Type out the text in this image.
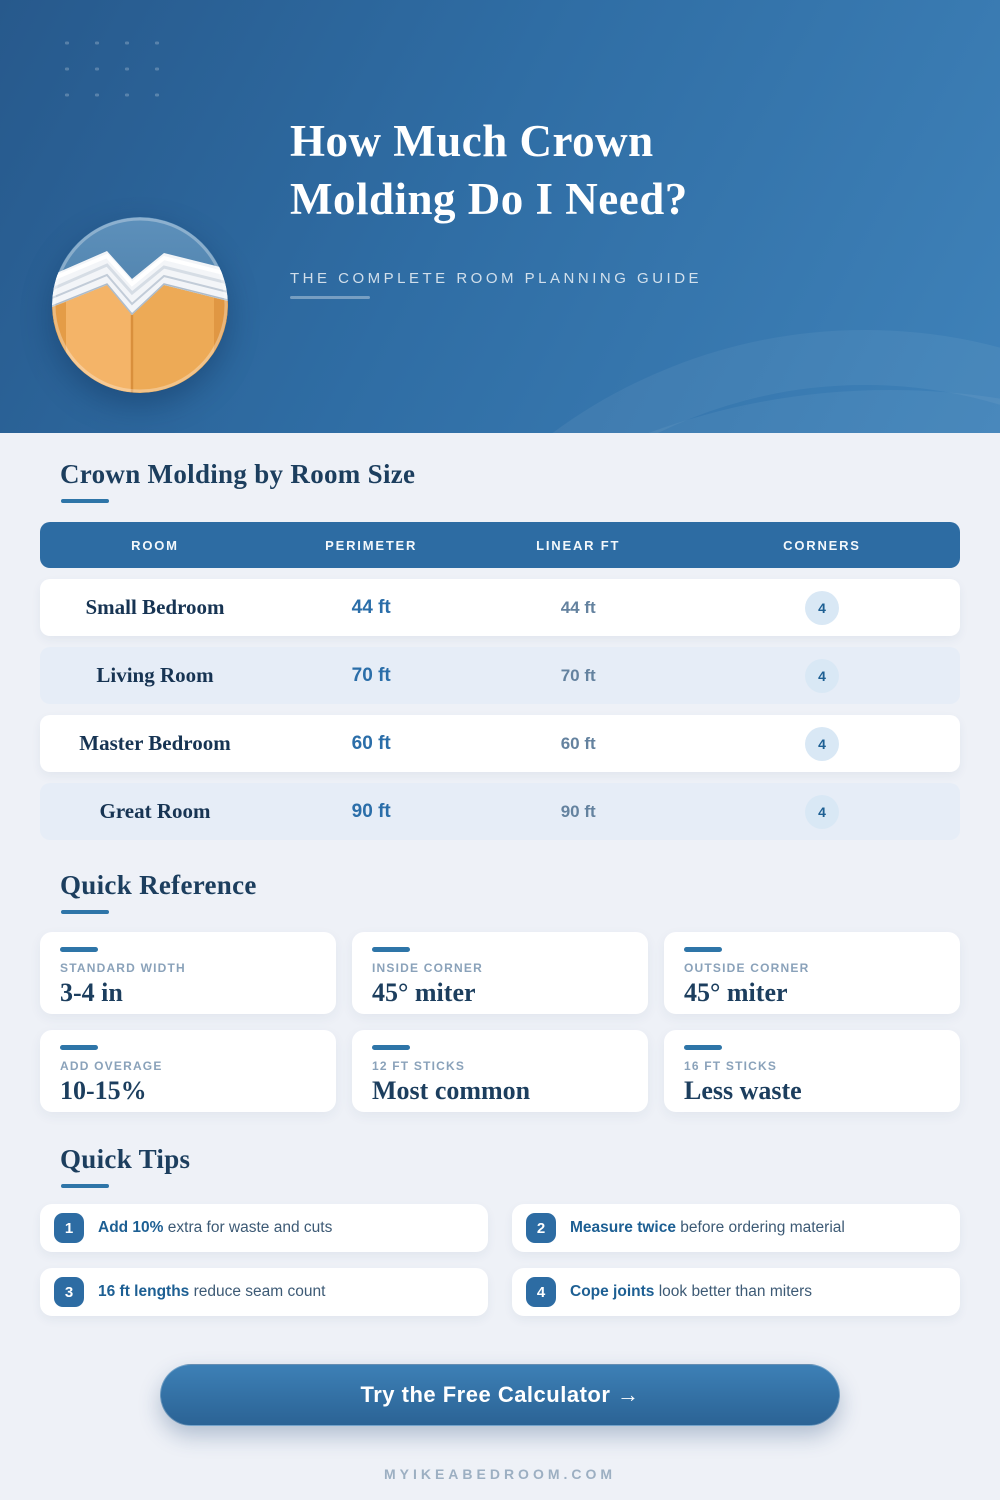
How Much Crown
Molding Do I Need?
THE COMPLETE ROOM PLANNING GUIDE
Crown Molding by Room Size
ROOM	PERIMETER	LINEAR FT	CORNERS
Small Bedroom	44 ft	44 ft	4
Living Room	70 ft	70 ft	4
Master Bedroom	60 ft	60 ft	4
Great Room	90 ft	90 ft	4
Quick Reference
STANDARD WIDTH
3-4 in
INSIDE CORNER
45° miter
OUTSIDE CORNER
45° miter
ADD OVERAGE
10-15%
12 FT STICKS
Most common
16 FT STICKS
Less waste
Quick Tips
1	Add 10% extra for waste and cuts	2	Measure twice before ordering material
3	16 ft lengths reduce seam count	4	Cope joints look better than miters
Try the Free Calculator →
MYIKEABEDROOM.COM
